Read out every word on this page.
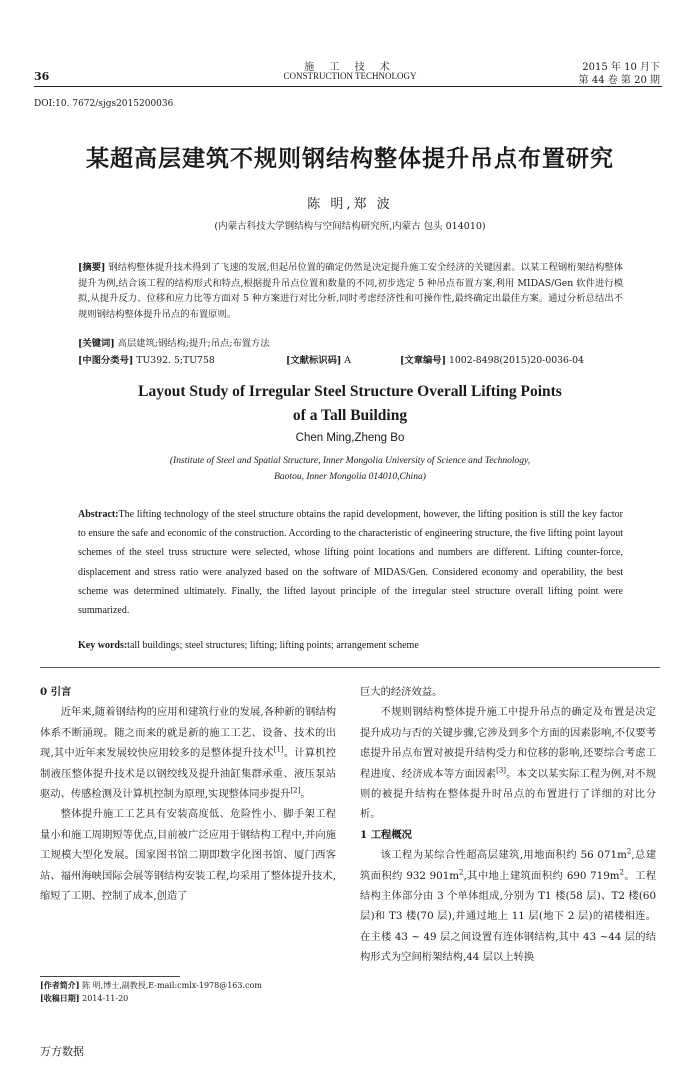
36
施 工 技 术
CONSTRUCTION TECHNOLOGY
2015 年 10 月下
第 44 卷 第 20 期
DOI:10. 7672/sjgs2015200036
某超高层建筑不规则钢结构整体提升吊点布置研究
陈 明,郑 波
(内蒙古科技大学钢结构与空间结构研究所,内蒙古 包头 014010)
[摘要] 钢结构整体提升技术得到了飞速的发展,但起吊位置的确定仍然是决定提升施工安全经济的关键因素。以某工程钢桁架结构整体提升为例,结合该工程的结构形式和特点,根据提升吊点位置和数量的不同,初步选定 5 种吊点布置方案,利用 MIDAS/Gen 软件进行模拟,从提升反力、位移和应力比等方面对 5 种方案进行对比分析,同时考虑经济性和可操作性,最终确定出最佳方案。通过分析总结出不规则钢结构整体提升吊点的布置原则。
[关键词] 高层建筑;钢结构;提升;吊点;布置方法
[中图分类号] TU392. 5;TU758	[文献标识码] A	[文章编号] 1002-8498(2015)20-0036-04
Layout Study of Irregular Steel Structure Overall Lifting Points
of a Tall Building
Chen Ming,Zheng Bo
(Institute of Steel and Spatial Structure, Inner Mongolia University of Science and Technology,
Baotou, Inner Mongolia 014010,China)
Abstract:The lifting technology of the steel structure obtains the rapid development, however, the lifting position is still the key factor to ensure the safe and economic of the construction. According to the characteristic of engineering structure, the five lifting point layout schemes of the steel truss structure were selected, whose lifting point locations and numbers are different. Lifting counter-force, displacement and stress ratio were analyzed based on the software of MIDAS/Gen. Considered economy and operability, the best scheme was determined ultimately. Finally, the lifted layout principle of the irregular steel structure overall lifting point were summarized.
Key words:tall buildings; steel structures; lifting; lifting points; arrangement scheme

0 引言

近年来,随着钢结构的应用和建筑行业的发展,各种新的钢结构体系不断涌现。随之而来的就是新的施工工艺、设备、技术的出现,其中近年来发展较快应用较多的是整体提升技术[1]。计算机控制液压整体提升技术是以钢绞线及提升油缸集群承重、液压泵站驱动、传感检测及计算机控制为原理,实现整体同步提升[2]。

整体提升施工工艺具有安装高度低、危险性小、脚手架工程量小和施工周期短等优点,目前被广泛应用于钢结构工程中,并向施工规模大型化发展。国家图书馆二期即数字化图书馆、厦门西客站、福州海峡国际会展等钢结构安装工程,均采用了整体提升技术,缩短了工期、控制了成本,创造了

巨大的经济效益。

不规则钢结构整体提升施工中提升吊点的确定及布置是决定提升成功与否的关键步骤,它涉及到多个方面的因素影响,不仅要考虑提升吊点布置对被提升结构受力和位移的影响,还要综合考虑工程进度、经济成本等方面因素[3]。本文以某实际工程为例,对不规则的被提升结构在整体提升时吊点的布置进行了详细的对比分析。

1 工程概况

该工程为某综合性超高层建筑,用地面积约 56 $071m^2$,总建筑面积约 932 $901m^2$,其中地上建筑面积约 690 $719m^2$。工程结构主体部分由 3 个单体组成,分别为 T1 楼(58 层)、T2 楼(60 层)和 T3 楼(70 层),并通过地上 11 层(地下 2 层)的裙楼相连。在主楼 43 ~ 49 层之间设置有连体钢结构,其中 43 ~44 层的结构形式为空间桁架结构,44 层以上转换

[作者简介] 陈 明,博士,副教授,E-mail:cmlx-1978@163.com
[收稿日期] 2014-11-20
万方数据
